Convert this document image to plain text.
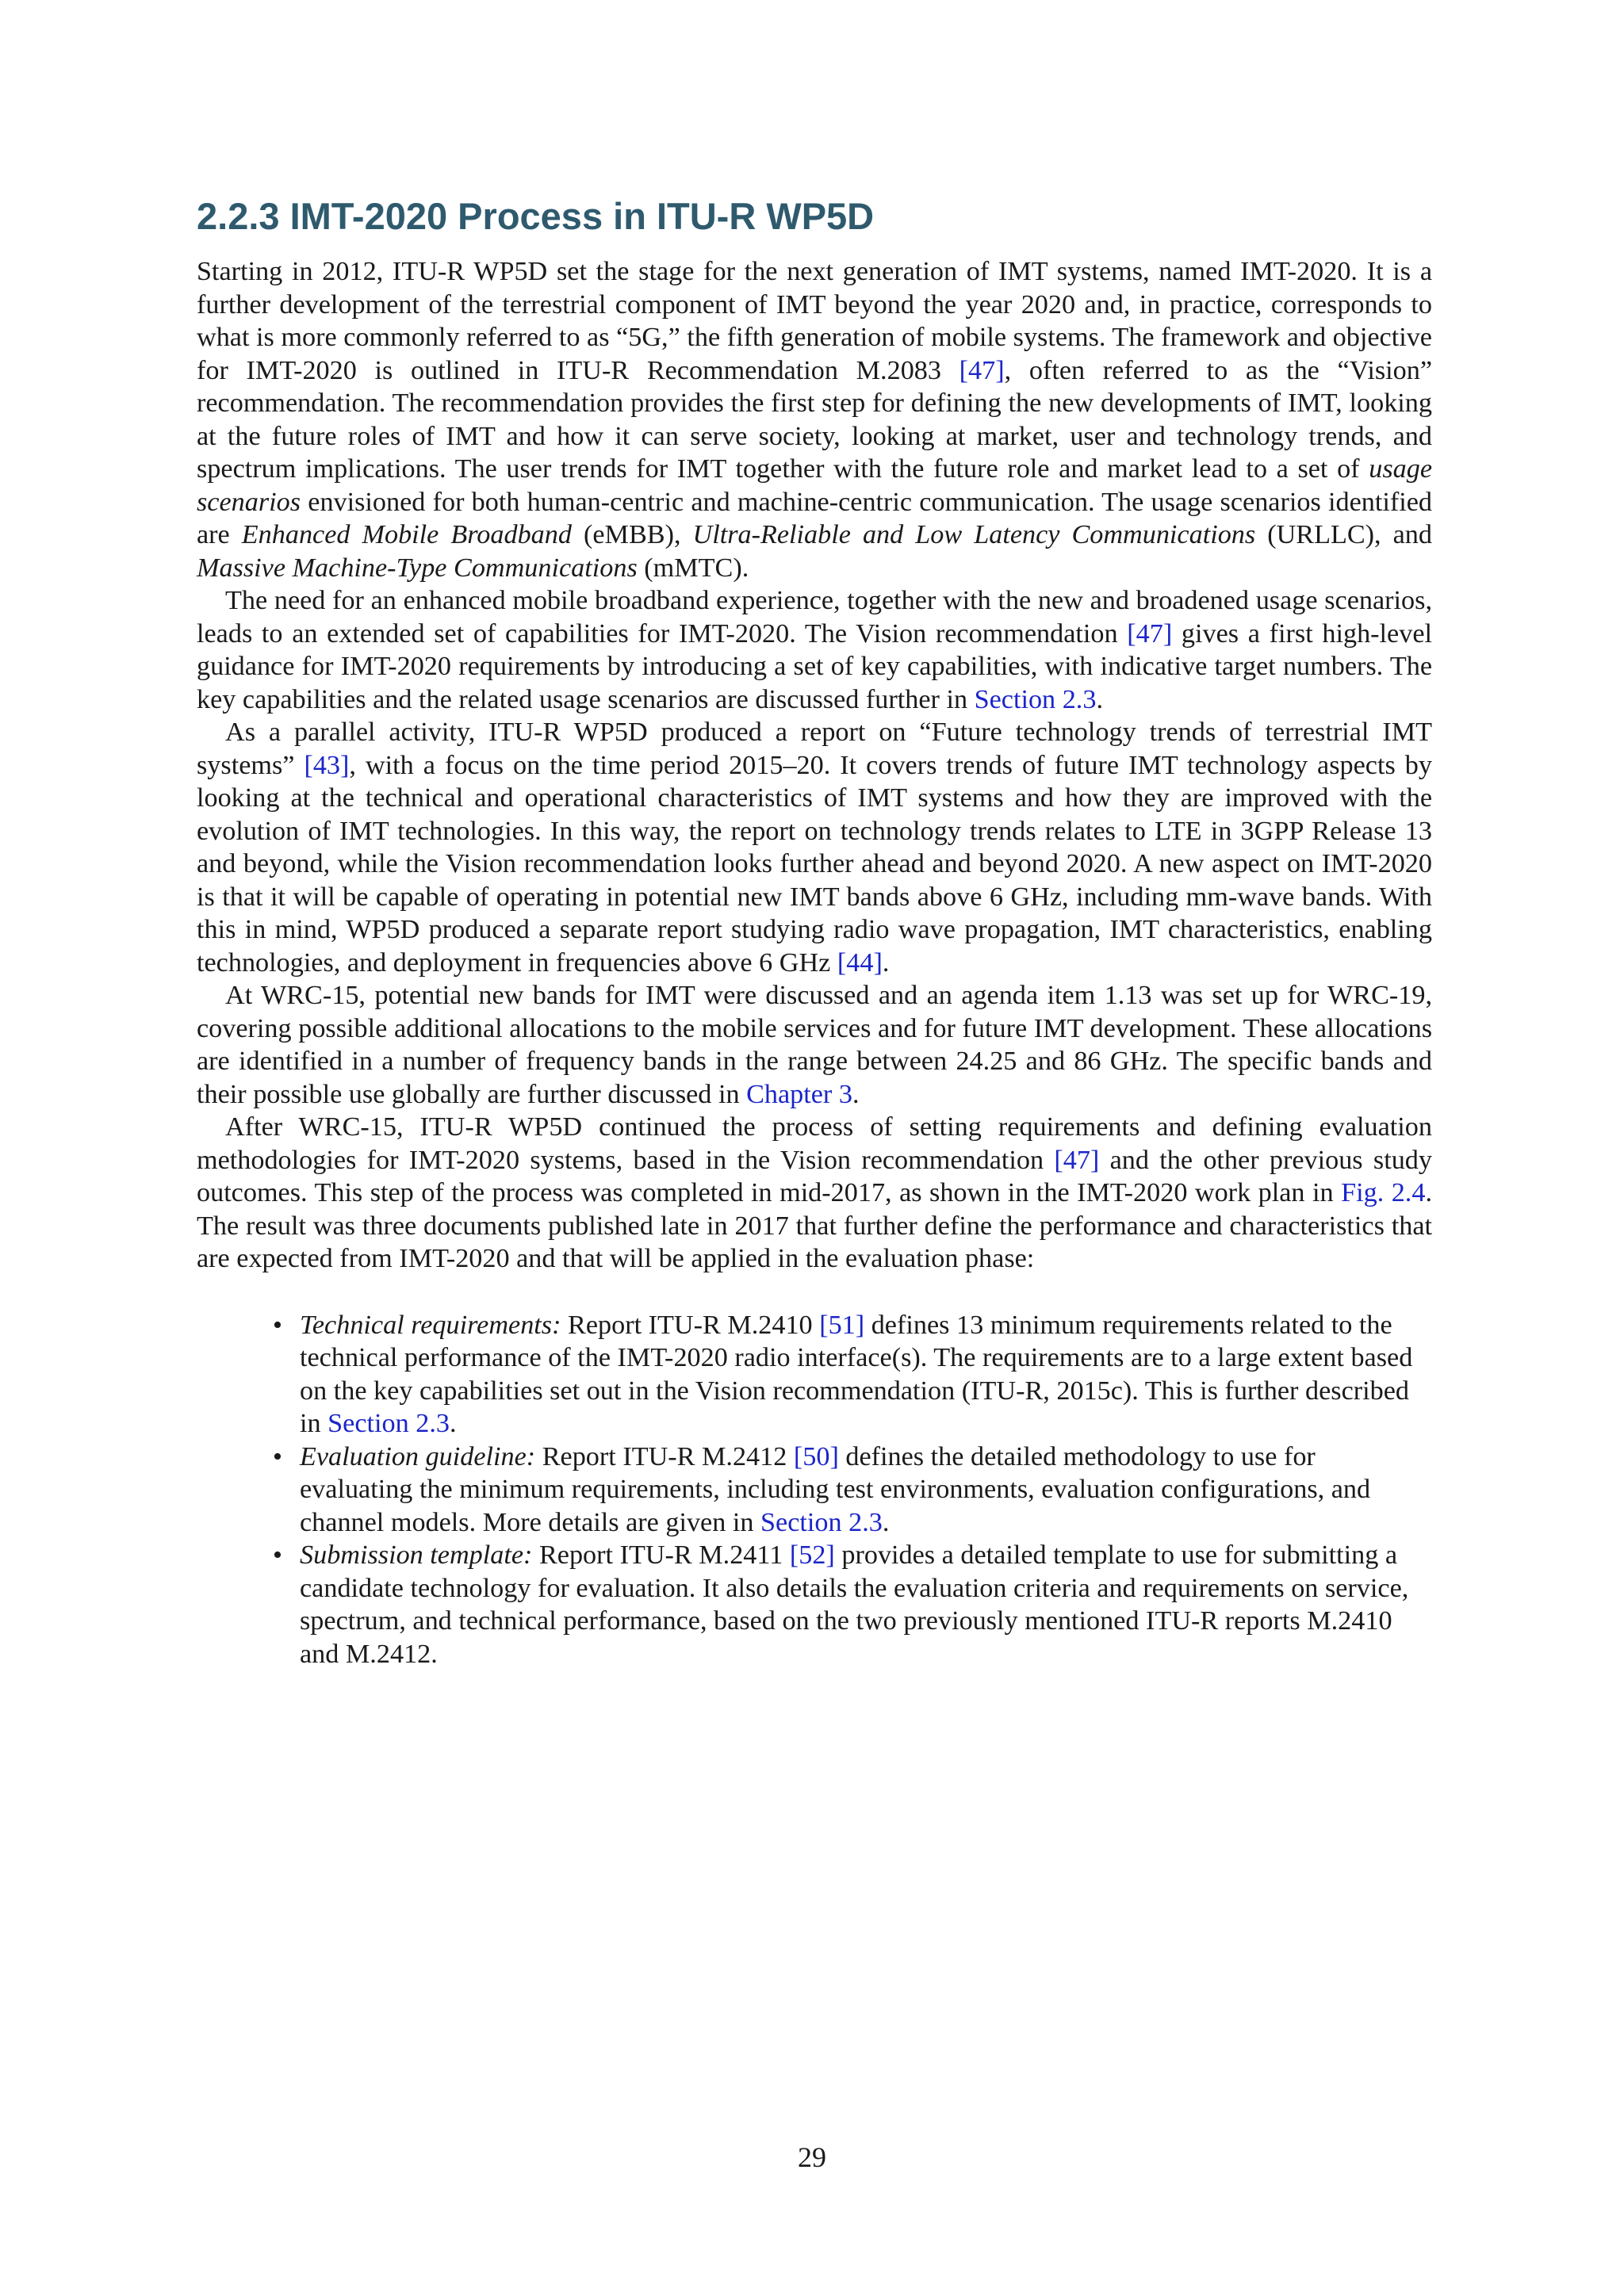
2.2.3 IMT-2020 Process in ITU-R WP5D

Starting in 2012, ITU-R WP5D set the stage for the next generation of IMT systems, named IMT-2020. It is a further development of the terrestrial component of IMT beyond the year 2020 and, in practice, corresponds to what is more commonly referred to as “5G,” the fifth generation of mobile systems. The framework and objective for IMT-2020 is outlined in ITU-R Recommendation M.2083 [47], often referred to as the “Vision” recommendation. The recommendation provides the first step for defining the new developments of IMT, looking at the future roles of IMT and how it can serve society, looking at market, user and technology trends, and spectrum implications. The user trends for IMT together with the future role and market lead to a set of usage scenarios envisioned for both human-centric and machine-centric communication. The usage scenarios identified are Enhanced Mobile Broadband (eMBB), Ultra-Reliable and Low Latency Communications (URLLC), and Massive Machine-Type Communications (mMTC).

The need for an enhanced mobile broadband experience, together with the new and broadened usage scenarios, leads to an extended set of capabilities for IMT-2020. The Vision recommendation [47] gives a first high-level guidance for IMT-2020 requirements by introducing a set of key capabilities, with indicative target numbers. The key capabilities and the related usage scenarios are discussed further in Section 2.3.

As a parallel activity, ITU-R WP5D produced a report on “Future technology trends of terrestrial IMT systems” [43], with a focus on the time period 2015–20. It covers trends of future IMT technology aspects by looking at the technical and operational characteristics of IMT systems and how they are improved with the evolution of IMT technologies. In this way, the report on technology trends relates to LTE in 3GPP Release 13 and beyond, while the Vision recommendation looks further ahead and beyond 2020. A new aspect on IMT-2020 is that it will be capable of operating in potential new IMT bands above 6 GHz, including mm-wave bands. With this in mind, WP5D produced a separate report studying radio wave propagation, IMT characteristics, enabling technologies, and deployment in frequencies above 6 GHz [44].

At WRC-15, potential new bands for IMT were discussed and an agenda item 1.13 was set up for WRC-19, covering possible additional allocations to the mobile services and for future IMT development. These allocations are identified in a number of frequency bands in the range between 24.25 and 86 GHz. The specific bands and their possible use globally are further discussed in Chapter 3.

After WRC-15, ITU-R WP5D continued the process of setting requirements and defining evaluation methodologies for IMT-2020 systems, based in the Vision recommendation [47] and the other previous study outcomes. This step of the process was completed in mid-2017, as shown in the IMT-2020 work plan in Fig. 2.4. The result was three documents published late in 2017 that further define the performance and characteristics that are expected from IMT-2020 and that will be applied in the evaluation phase:

• Technical requirements: Report ITU-R M.2410 [51] defines 13 minimum requirements related to the technical performance of the IMT-2020 radio interface(s). The requirements are to a large extent based on the key capabilities set out in the Vision recommendation (ITU-R, 2015c). This is further described in Section 2.3.
• Evaluation guideline: Report ITU-R M.2412 [50] defines the detailed methodology to use for evaluating the minimum requirements, including test environments, evaluation configurations, and channel models. More details are given in Section 2.3.
• Submission template: Report ITU-R M.2411 [52] provides a detailed template to use for submitting a candidate technology for evaluation. It also details the evaluation criteria and requirements on service, spectrum, and technical performance, based on the two previously mentioned ITU-R reports M.2410 and M.2412.
29
